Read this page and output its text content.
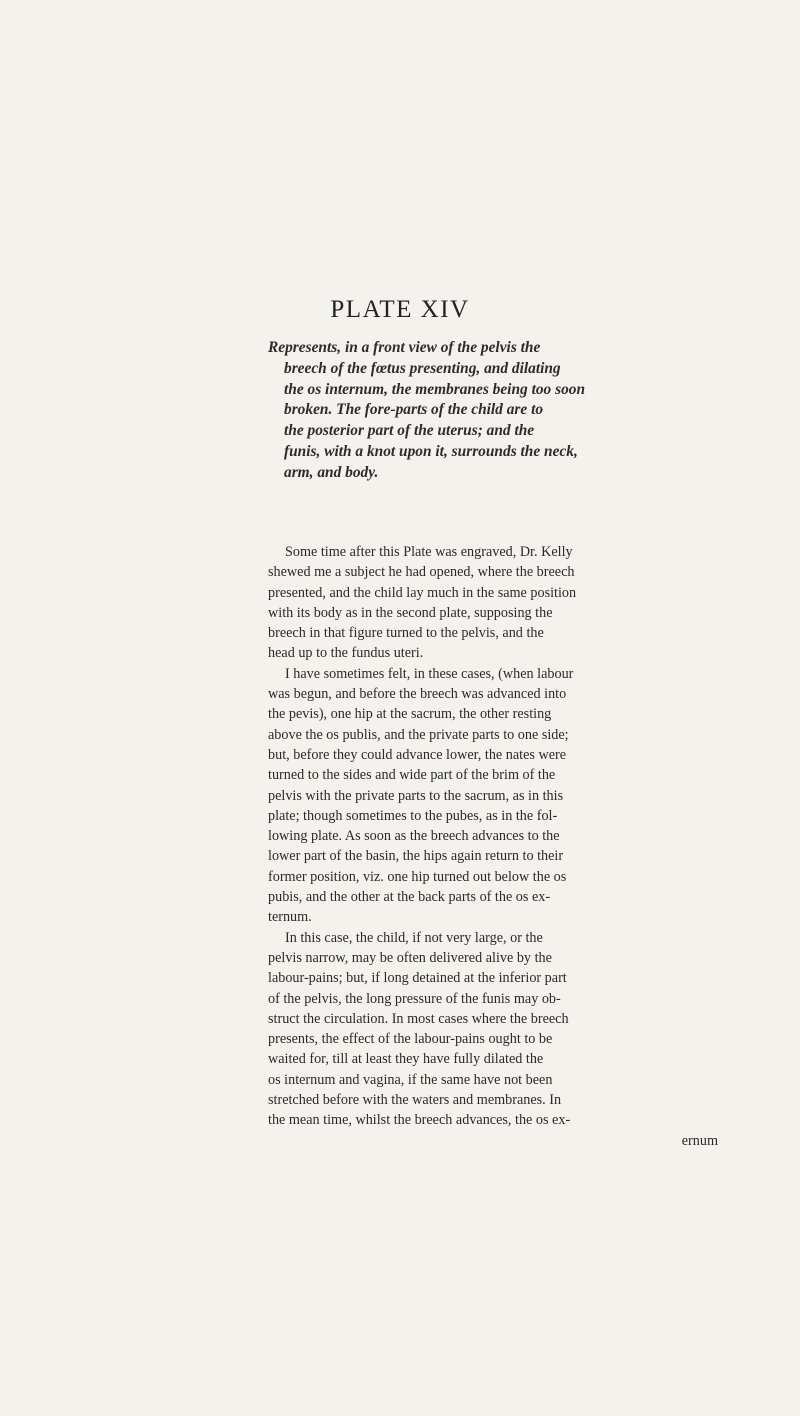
PLATE XIV

Represents, in a front view of the pelvis the
breech of the fœtus presenting, and dilating
the os internum, the membranes being too soon
broken. The fore-parts of the child are to
the posterior part of the uterus; and the
funis, with a knot upon it, surrounds the neck,
arm, and body.

Some time after this Plate was engraved, Dr. Kelly
shewed me a subject he had opened, where the breech
presented, and the child lay much in the same position
with its body as in the second plate, supposing the
breech in that figure turned to the pelvis, and the
head up to the fundus uteri.
I have sometimes felt, in these cases, (when labour
was begun, and before the breech was advanced into
the pevis), one hip at the sacrum, the other resting
above the os publis, and the private parts to one side;
but, before they could advance lower, the nates were
turned to the sides and wide part of the brim of the
pelvis with the private parts to the sacrum, as in this
plate; though sometimes to the pubes, as in the fol-
lowing plate. As soon as the breech advances to the
lower part of the basin, the hips again return to their
former position, viz. one hip turned out below the os
pubis, and the other at the back parts of the os ex-
ternum.
In this case, the child, if not very large, or the
pelvis narrow, may be often delivered alive by the
labour-pains; but, if long detained at the inferior part
of the pelvis, the long pressure of the funis may ob-
struct the circulation. In most cases where the breech
presents, the effect of the labour-pains ought to be
waited for, till at least they have fully dilated the
os internum and vagina, if the same have not been
stretched before with the waters and membranes. In
the mean time, whilst the breech advances, the os ex-
ernum
